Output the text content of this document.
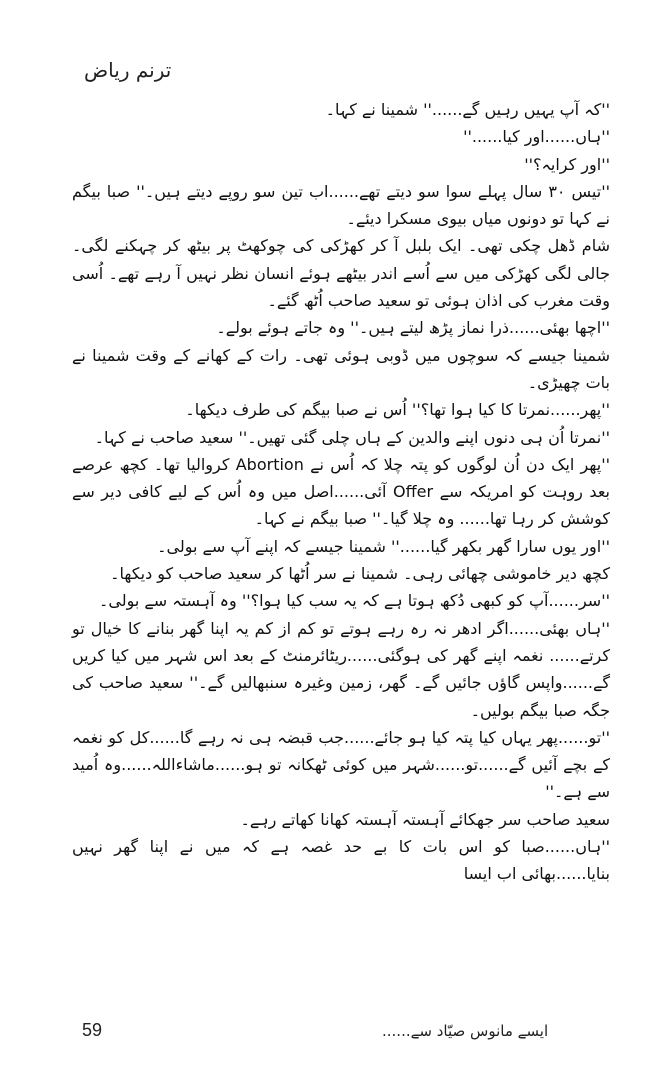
ترنم ریاض

''کہ آپ یہیں رہیں گے......'' شمینا نے کہا۔

''ہاں......اور کیا......''

''اور کرایہ؟''

''تیس ۳۰ سال پہلے سوا سو دیتے تھے......اب تین سو روپے دیتے ہیں۔'' صبا بیگم نے کہا تو دونوں میاں بیوی مسکرا دیئے۔

شام ڈھل چکی تھی۔ ایک بلبل آ کر کھڑکی کی چوکھٹ پر بیٹھ کر چہکنے لگی۔ جالی لگی کھڑکی میں سے اُسے اندر بیٹھے ہوئے انسان نظر نہیں آ رہے تھے۔ اُسی وقت مغرب کی اذان ہوئی تو سعید صاحب اُٹھ گئے۔

''اچھا بھئی......ذرا نماز پڑھ لیتے ہیں۔'' وہ جاتے ہوئے بولے۔

شمینا جیسے کہ سوچوں میں ڈوبی ہوئی تھی۔ رات کے کھانے کے وقت شمینا نے بات چھیڑی۔

''پھر......نمرتا کا کیا ہوا تھا؟'' اُس نے صبا بیگم کی طرف دیکھا۔

''نمرتا اُن ہی دنوں اپنے والدین کے ہاں چلی گئی تھیں۔'' سعید صاحب نے کہا۔

''پھر ایک دن اُن لوگوں کو پتہ چلا کہ اُس نے Abortion کروالیا تھا۔ کچھ عرصے بعد روہت کو امریکہ سے Offer آئی......اصل میں وہ اُس کے لیے کافی دیر سے کوشش کر رہا تھا...... وہ چلا گیا۔'' صبا بیگم نے کہا۔

''اور یوں سارا گھر بکھر گیا......'' شمینا جیسے کہ اپنے آپ سے بولی۔

کچھ دیر خاموشی چھائی رہی۔ شمینا نے سر اُٹھا کر سعید صاحب کو دیکھا۔

''سر......آپ کو کبھی دُکھ ہوتا ہے کہ یہ سب کیا ہوا؟'' وہ آہستہ سے بولی۔

''ہاں بھئی......اگر ادھر نہ رہ رہے ہوتے تو کم از کم یہ اپنا گھر بنانے کا خیال تو کرتے...... نغمہ اپنے گھر کی ہوگئی......ریٹائرمنٹ کے بعد اس شہر میں کیا کریں گے......واپس گاؤں جائیں گے۔ گھر، زمین وغیرہ سنبھالیں گے۔'' سعید صاحب کی جگہ صبا بیگم بولیں۔

''تو......پھر یہاں کیا پتہ کیا ہو جائے......جب قبضہ ہی نہ رہے گا......کل کو نغمہ کے بچے آئیں گے......تو......شہر میں کوئی ٹھکانہ تو ہو......ماشاءاللہ......وہ اُمید سے ہے۔''

سعید صاحب سر جھکائے آہستہ آہستہ کھانا کھاتے رہے۔

''ہاں......صبا کو اس بات کا بے حد غصہ ہے کہ میں نے اپنا گھر نہیں بنایا......بھائی اب ایسا

59	ایسے مانوس صیّاد سے......
